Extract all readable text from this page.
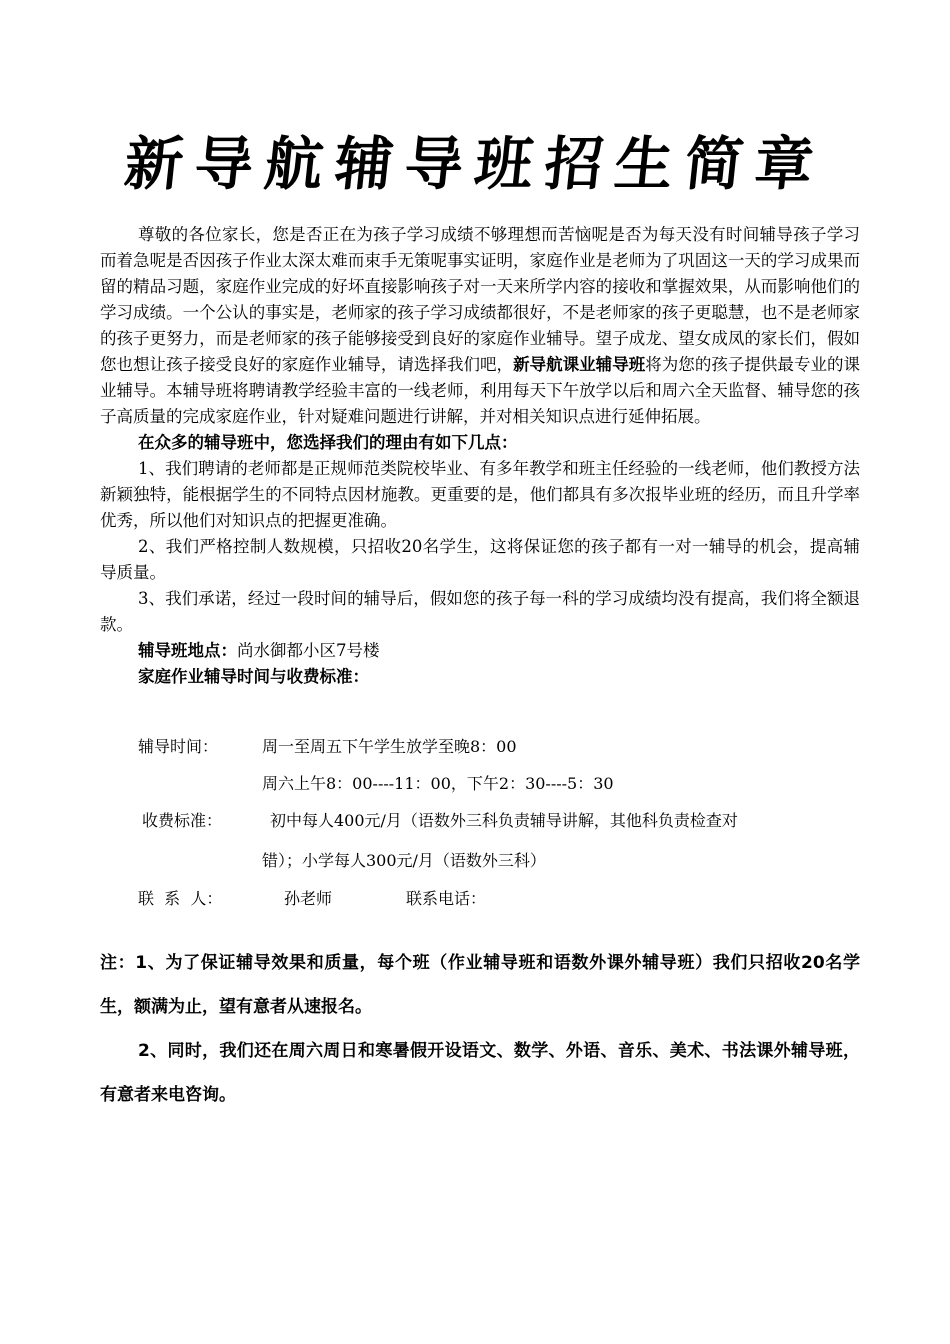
新导航辅导班招生简章

尊敬的各位家长，您是否正在为孩子学习成绩不够理想而苦恼呢是否为每天没有时间辅导孩子学习而着急呢是否因孩子作业太深太难而束手无策呢事实证明，家庭作业是老师为了巩固这一天的学习成果而留的精品习题，家庭作业完成的好坏直接影响孩子对一天来所学内容的接收和掌握效果，从而影响他们的学习成绩。一个公认的事实是，老师家的孩子学习成绩都很好，不是老师家的孩子更聪慧，也不是老师家的孩子更努力，而是老师家的孩子能够接受到良好的家庭作业辅导。望子成龙、望女成凤的家长们，假如您也想让孩子接受良好的家庭作业辅导，请选择我们吧，新导航课业辅导班将为您的孩子提供最专业的课业辅导。本辅导班将聘请教学经验丰富的一线老师，利用每天下午放学以后和周六全天监督、辅导您的孩子高质量的完成家庭作业，针对疑难问题进行讲解，并对相关知识点进行延伸拓展。

在众多的辅导班中，您选择我们的理由有如下几点：

1、我们聘请的老师都是正规师范类院校毕业、有多年教学和班主任经验的一线老师，他们教授方法新颖独特，能根据学生的不同特点因材施教。更重要的是，他们都具有多次报毕业班的经历，而且升学率优秀，所以他们对知识点的把握更准确。

2、我们严格控制人数规模，只招收20名学生，这将保证您的孩子都有一对一辅导的机会，提高辅导质量。

3、我们承诺，经过一段时间的辅导后，假如您的孩子每一科的学习成绩均没有提高，我们将全额退款。

辅导班地点：尚水御都小区7号楼

家庭作业辅导时间与收费标准：

辅导时间：	周一至周五下午学生放学至晚8：00
周六上午8：00----11：00，下午2：30----5：30
收费标准：	初中每人400元/月（语数外三科负责辅导讲解，其他科负责检查对
错）；小学每人300元/月（语数外三科）
联  系  人：	孙老师	联系电话：

注：1、为了保证辅导效果和质量，每个班（作业辅导班和语数外课外辅导班）我们只招收20名学生，额满为止，望有意者从速报名。

2、同时，我们还在周六周日和寒暑假开设语文、数学、外语、音乐、美术、书法课外辅导班，有意者来电咨询。
